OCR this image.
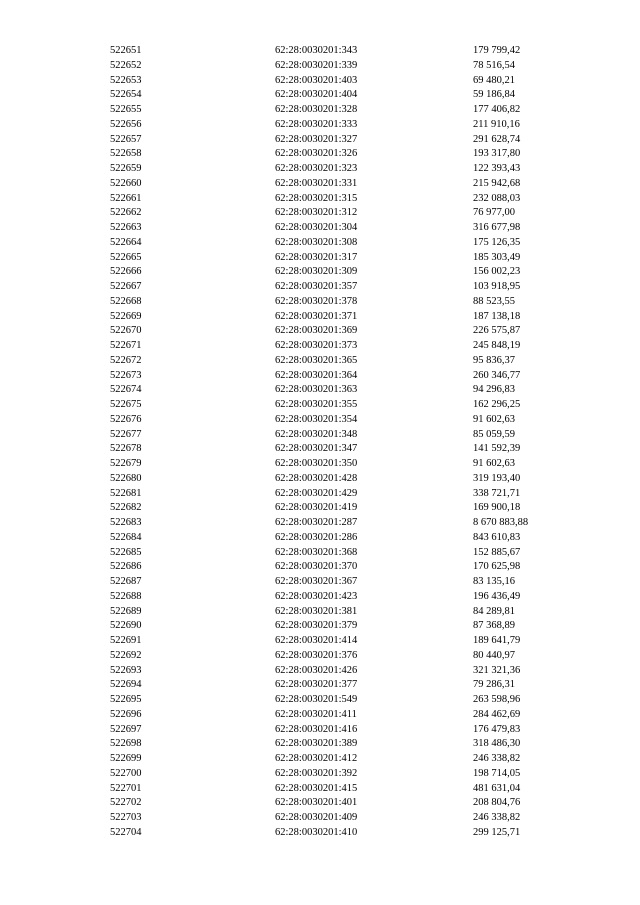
522651	62:28:0030201:343	179 799,42
522652	62:28:0030201:339	78 516,54
522653	62:28:0030201:403	69 480,21
522654	62:28:0030201:404	59 186,84
522655	62:28:0030201:328	177 406,82
522656	62:28:0030201:333	211 910,16
522657	62:28:0030201:327	291 628,74
522658	62:28:0030201:326	193 317,80
522659	62:28:0030201:323	122 393,43
522660	62:28:0030201:331	215 942,68
522661	62:28:0030201:315	232 088,03
522662	62:28:0030201:312	76 977,00
522663	62:28:0030201:304	316 677,98
522664	62:28:0030201:308	175 126,35
522665	62:28:0030201:317	185 303,49
522666	62:28:0030201:309	156 002,23
522667	62:28:0030201:357	103 918,95
522668	62:28:0030201:378	88 523,55
522669	62:28:0030201:371	187 138,18
522670	62:28:0030201:369	226 575,87
522671	62:28:0030201:373	245 848,19
522672	62:28:0030201:365	95 836,37
522673	62:28:0030201:364	260 346,77
522674	62:28:0030201:363	94 296,83
522675	62:28:0030201:355	162 296,25
522676	62:28:0030201:354	91 602,63
522677	62:28:0030201:348	85 059,59
522678	62:28:0030201:347	141 592,39
522679	62:28:0030201:350	91 602,63
522680	62:28:0030201:428	319 193,40
522681	62:28:0030201:429	338 721,71
522682	62:28:0030201:419	169 900,18
522683	62:28:0030201:287	8 670 883,88
522684	62:28:0030201:286	843 610,83
522685	62:28:0030201:368	152 885,67
522686	62:28:0030201:370	170 625,98
522687	62:28:0030201:367	83 135,16
522688	62:28:0030201:423	196 436,49
522689	62:28:0030201:381	84 289,81
522690	62:28:0030201:379	87 368,89
522691	62:28:0030201:414	189 641,79
522692	62:28:0030201:376	80 440,97
522693	62:28:0030201:426	321 321,36
522694	62:28:0030201:377	79 286,31
522695	62:28:0030201:549	263 598,96
522696	62:28:0030201:411	284 462,69
522697	62:28:0030201:416	176 479,83
522698	62:28:0030201:389	318 486,30
522699	62:28:0030201:412	246 338,82
522700	62:28:0030201:392	198 714,05
522701	62:28:0030201:415	481 631,04
522702	62:28:0030201:401	208 804,76
522703	62:28:0030201:409	246 338,82
522704	62:28:0030201:410	299 125,71
